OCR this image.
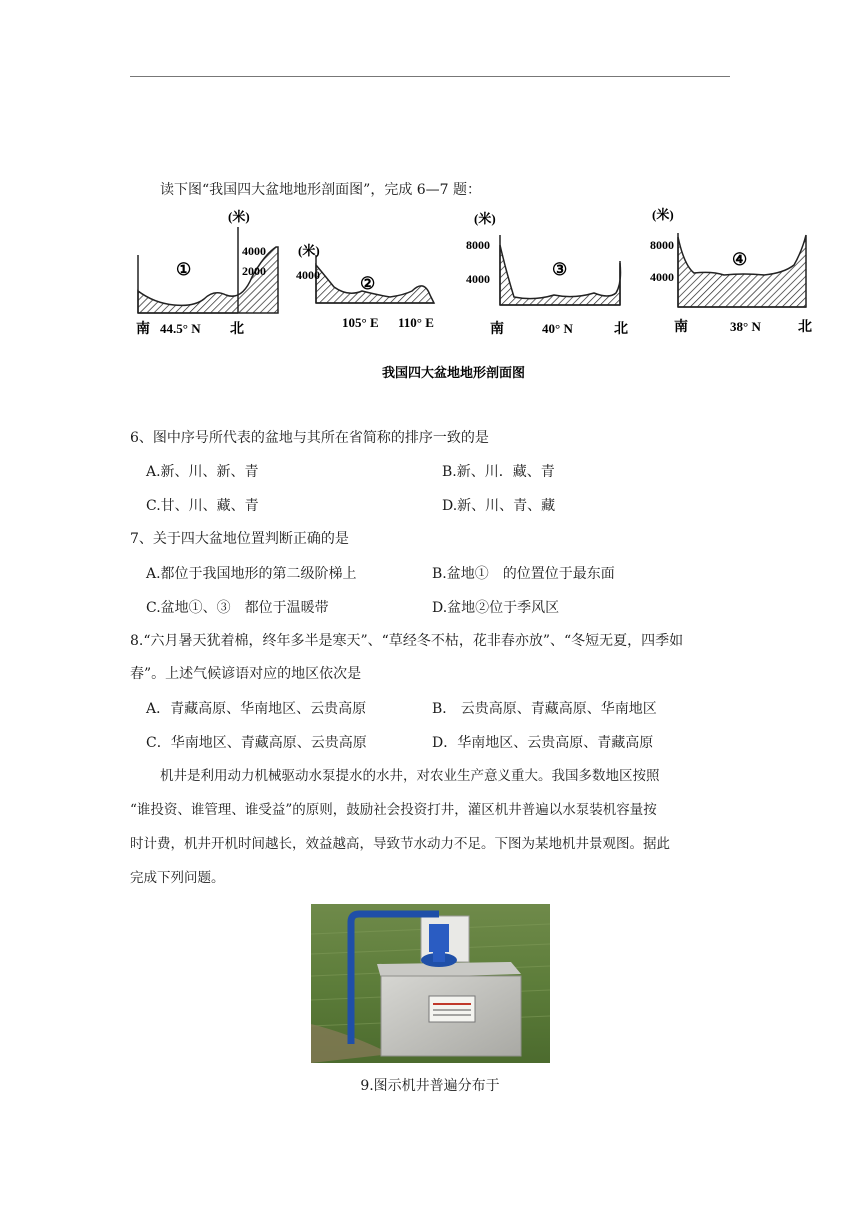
读下图“我国四大盆地地形剖面图”，完成 6—7 题：
①
(米)
4000
2000
南 44.5° N 北
②
(米)
4000
105° E 110° E
③
(米)
8000
4000
南	40° N	北
④
(米)
8000
4000
南	38° N	北
我国四大盆地地形剖面图
6、图中序号所代表的盆地与其所在省简称的排序一致的是
A.新、川、新、青	B.新、川．藏、青
C.甘、川、藏、青	D.新、川、青、藏
7、关于四大盆地位置判断正确的是
A.都位于我国地形的第二级阶梯上	B.盆地①　的位置位于最东面
C.盆地①、③　都位于温暖带	D.盆地②位于季风区
8.“六月暑天犹着棉，终年多半是寒天”、“草经冬不枯，花非春亦放”、“冬短无夏，四季如
春”。上述气候谚语对应的地区依次是
A．青藏高原、华南地区、云贵高原	B． 云贵高原、青藏高原、华南地区
C．华南地区、青藏高原、云贵高原	D．华南地区、云贵高原、青藏高原
机井是利用动力机械驱动水泵提水的水井，对农业生产意义重大。我国多数地区按照
“谁投资、谁管理、谁受益”的原则，鼓励社会投资打井，灌区机井普遍以水泵装机容量按
时计费，机井开机时间越长，效益越高，导致节水动力不足。下图为某地机井景观图。据此
完成下列问题。
9.图示机井普遍分布于
